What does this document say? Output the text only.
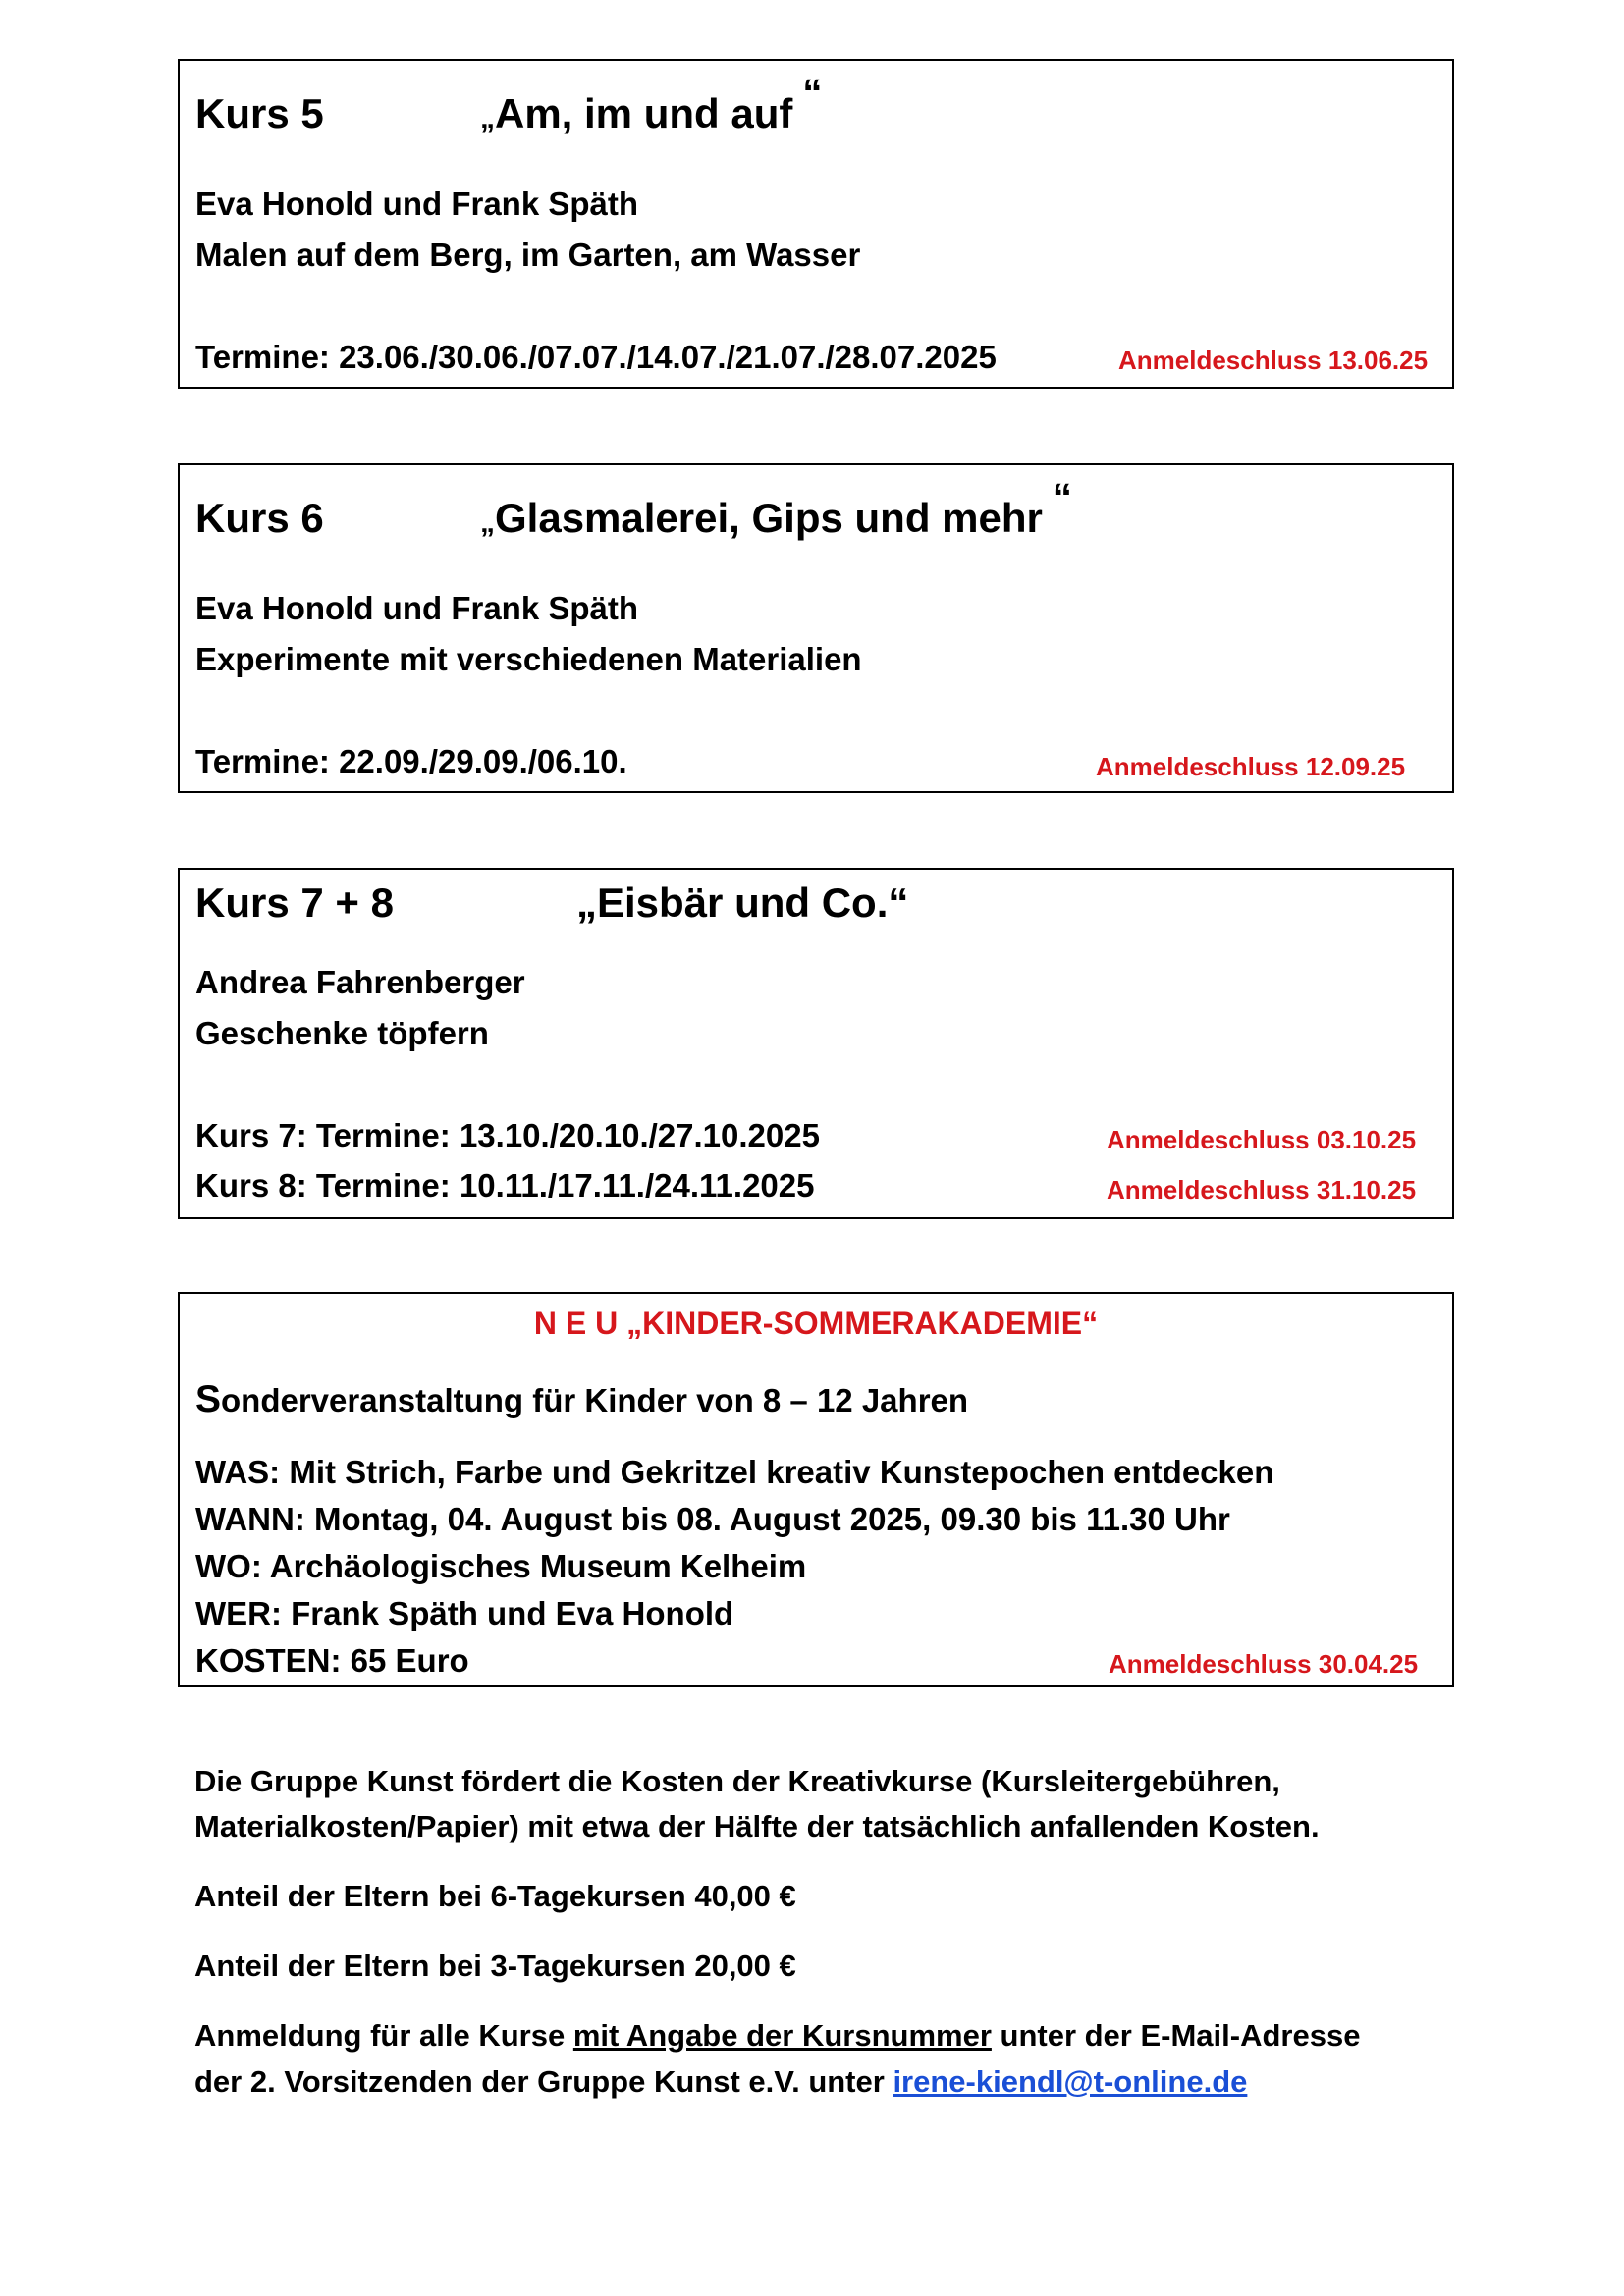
Kurs 5	„Am, im und auf “
Eva Honold und Frank Späth
Malen auf dem Berg, im Garten, am Wasser
Termine: 23.06./30.06./07.07./14.07./21.07./28.07.2025	Anmeldeschluss 13.06.25
Kurs 6	„Glasmalerei, Gips und mehr “
Eva Honold und Frank Späth
Experimente mit verschiedenen Materialien
Termine: 22.09./29.09./06.10.	Anmeldeschluss 12.09.25
Kurs 7 + 8	„Eisbär und Co.“
Andrea Fahrenberger
Geschenke töpfern
Kurs 7: Termine: 13.10./20.10./27.10.2025	Anmeldeschluss 03.10.25
Kurs 8: Termine: 10.11./17.11./24.11.2025	Anmeldeschluss 31.10.25
N E U „KINDER-SOMMERAKADEMIE“
Sonderveranstaltung für Kinder von 8 – 12 Jahren
WAS: Mit Strich, Farbe und Gekritzel kreativ Kunstepochen entdecken
WANN: Montag, 04. August bis 08. August 2025, 09.30 bis 11.30 Uhr
WO: Archäologisches Museum Kelheim
WER: Frank Späth und Eva Honold
KOSTEN: 65 Euro	Anmeldeschluss 30.04.25
Die Gruppe Kunst fördert die Kosten der Kreativkurse (Kursleitergebühren,
Materialkosten/Papier) mit etwa der Hälfte der tatsächlich anfallenden Kosten.
Anteil der Eltern bei 6-Tagekursen 40,00 €
Anteil der Eltern bei 3-Tagekursen 20,00 €
Anmeldung für alle Kurse mit Angabe der Kursnummer unter der E-Mail-Adresse
der 2. Vorsitzenden der Gruppe Kunst e.V. unter irene-kiendl@t-online.de
